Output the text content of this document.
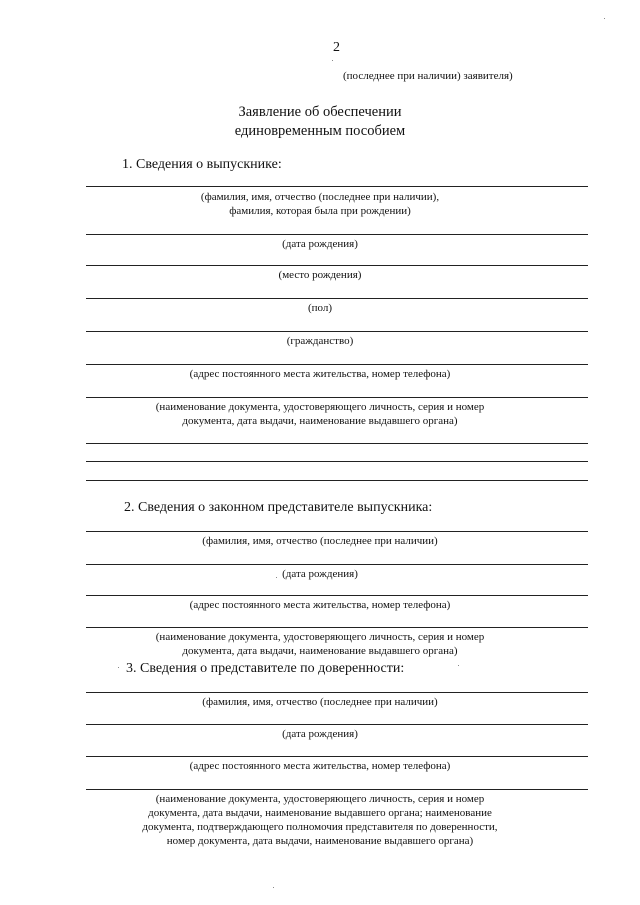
2
(последнее при наличии) заявителя)
Заявление об обеспечении
единовременным пособием
1. Сведения о выпускнике:
(фамилия, имя, отчество (последнее при наличии),
фамилия, которая была при рождении)
(дата рождения)
(место рождения)
(пол)
(гражданство)
(адрес постоянного места жительства, номер телефона)
(наименование документа, удостоверяющего личность, серия и номер
документа, дата выдачи, наименование выдавшего органа)
2. Сведения о законном представителе выпускника:
(фамилия, имя, отчество (последнее при наличии)
(дата рождения)
(адрес постоянного места жительства, номер телефона)
(наименование документа, удостоверяющего личность, серия и номер
документа, дата выдачи, наименование выдавшего органа)
3. Сведения о представителе по доверенности:
(фамилия, имя, отчество (последнее при наличии)
(дата рождения)
(адрес постоянного места жительства, номер телефона)
(наименование документа, удостоверяющего личность, серия и номер
документа, дата выдачи, наименование выдавшего органа; наименование
документа, подтверждающего полномочия представителя по доверенности,
номер документа, дата выдачи, наименование выдавшего органа)
